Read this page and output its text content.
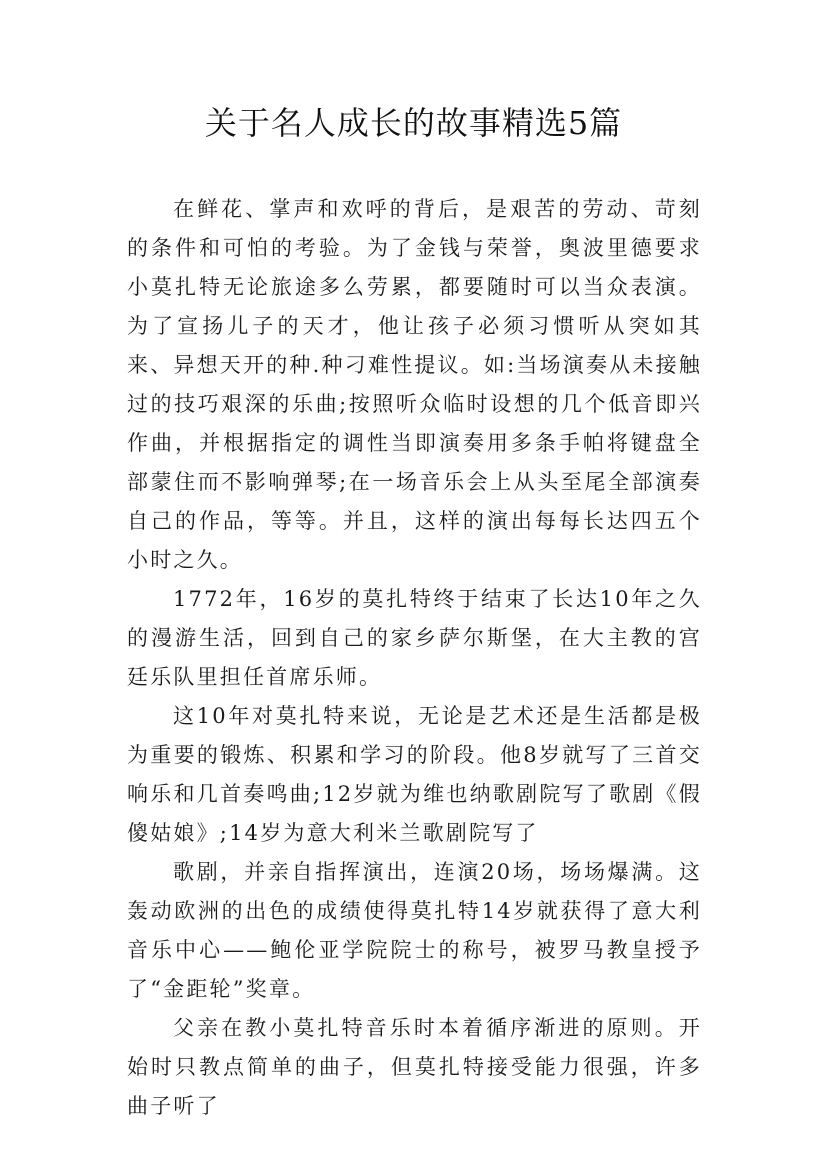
关于名人成长的故事精选5篇

在鲜花、掌声和欢呼的背后，是艰苦的劳动、苛刻的条件和可怕的考验。为了金钱与荣誉，奥波里德要求小莫扎特无论旅途多么劳累，都要随时可以当众表演。为了宣扬儿子的天才，他让孩子必须习惯听从突如其来、异想天开的种.种刁难性提议。如:当场演奏从未接触过的技巧艰深的乐曲;按照听众临时设想的几个低音即兴作曲，并根据指定的调性当即演奏用多条手帕将键盘全部蒙住而不影响弹琴;在一场音乐会上从头至尾全部演奏自己的作品，等等。并且，这样的演出每每长达四五个小时之久。

1772年，16岁的莫扎特终于结束了长达10年之久的漫游生活，回到自己的家乡萨尔斯堡，在大主教的宫廷乐队里担任首席乐师。

这10年对莫扎特来说，无论是艺术还是生活都是极为重要的锻炼、积累和学习的阶段。他8岁就写了三首交响乐和几首奏鸣曲;12岁就为维也纳歌剧院写了歌剧《假傻姑娘》;14岁为意大利米兰歌剧院写了

歌剧，并亲自指挥演出，连演20场，场场爆满。这轰动欧洲的出色的成绩使得莫扎特14岁就获得了意大利音乐中心——鲍伦亚学院院士的称号，被罗马教皇授予了“金距轮”奖章。

父亲在教小莫扎特音乐时本着循序渐进的原则。开始时只教点简单的曲子，但莫扎特接受能力很强，许多曲子听了
